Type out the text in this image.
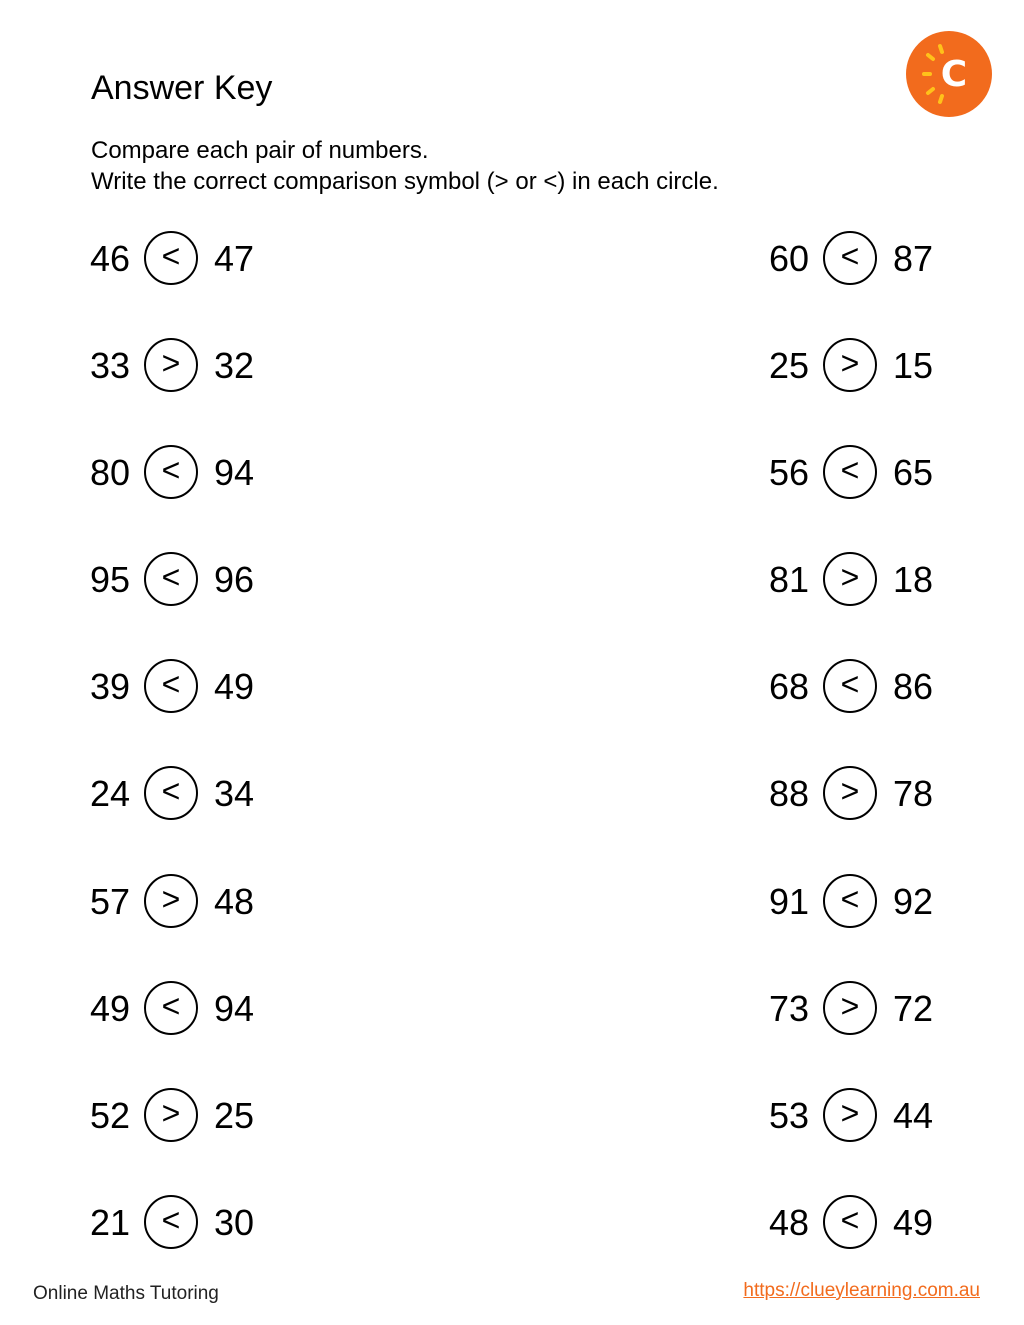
Answer Key
Compare each pair of numbers.
Write the correct comparison symbol (> or <) in each circle.
C
46 < 47
33 > 32
80 < 94
95 < 96
39 < 49
24 < 34
57 > 48
49 < 94
52 > 25
21 < 30
60 < 87
25 > 15
56 < 65
81 > 18
68 < 86
88 > 78
91 < 92
73 > 72
53 > 44
48 < 49
Online Maths Tutoring	https://clueylearning.com.au
